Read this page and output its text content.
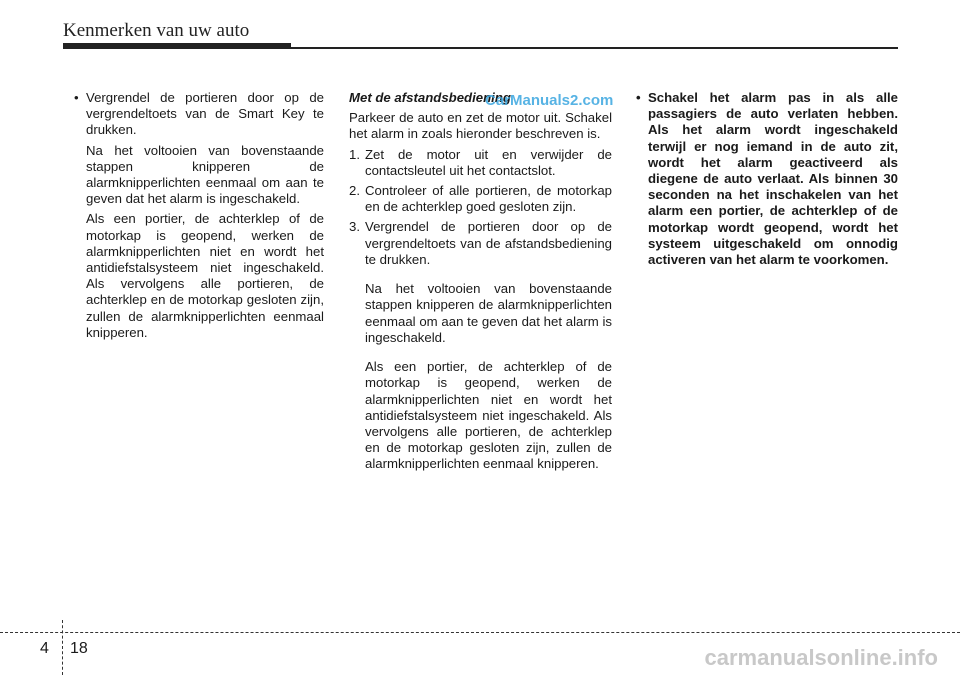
Kenmerken van uw auto
• Vergrendel de portieren door op de vergrendeltoets van de Smart Key te drukken.

Na het voltooien van bovenstaande stappen knipperen de alarmknipperlichten eenmaal om aan te geven dat het alarm is ingeschakeld.

Als een portier, de achterklep of de motorkap is geopend, werken de alarmknipperlichten niet en wordt het antidiefstalsysteem niet ingeschakeld. Als vervolgens alle portieren, de achterklep en de motorkap gesloten zijn, zullen de alarmknipperlichten eenmaal knipperen.

Met de afstandsbediening

Parkeer de auto en zet de motor uit. Schakel het alarm in zoals hieronder beschreven is.

1. Zet de motor uit en verwijder de contactsleutel uit het contactslot.
2. Controleer of alle portieren, de motorkap en de achterklep goed gesloten zijn.
3. Vergrendel de portieren door op de vergrendeltoets van de afstandsbediening te drukken.

Na het voltooien van bovenstaande stappen knipperen de alarmknipperlichten eenmaal om aan te geven dat het alarm is ingeschakeld.

Als een portier, de achterklep of de motorkap is geopend, werken de alarmknipperlichten niet en wordt het antidiefstalsysteem niet ingeschakeld. Als vervolgens alle portieren, de achterklep en de motorkap gesloten zijn, zullen de alarmknipperlichten eenmaal knipperen.

• Schakel het alarm pas in als alle passagiers de auto verlaten hebben. Als het alarm wordt ingeschakeld terwijl er nog iemand in de auto zit, wordt het alarm geactiveerd als diegene de auto verlaat. Als binnen 30 seconden na het inschakelen van het alarm een portier, de achterklep of de motorkap wordt geopend, wordt het systeem uitgeschakeld om onnodig activeren van het alarm te voorkomen.
CarManuals2.com
4 18	carmanualsonline.info
